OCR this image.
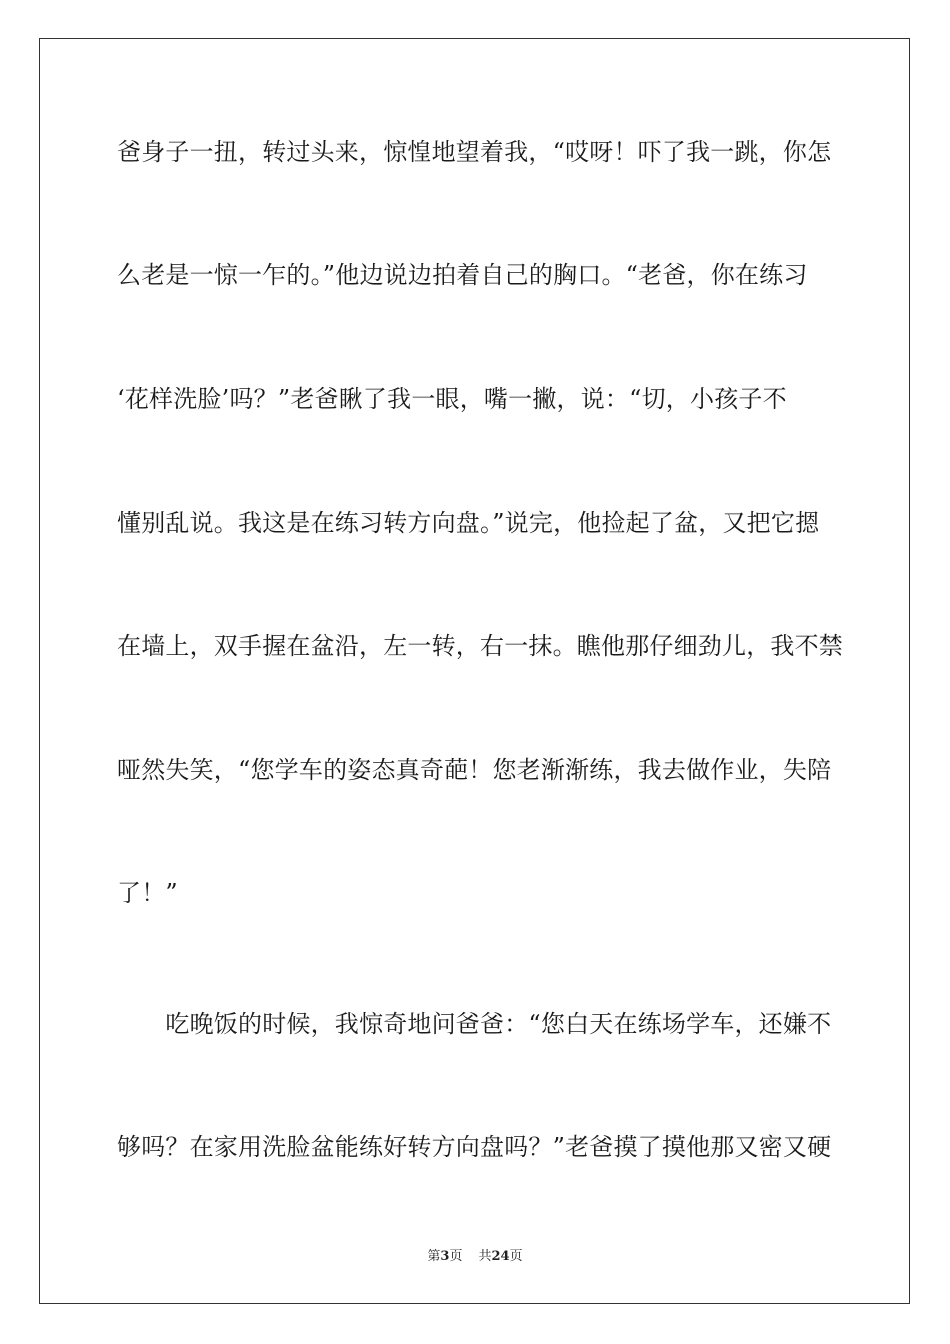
爸身子一扭，转过头来，惊惶地望着我，“哎呀！吓了我一跳，你怎
么老是一惊一乍的。”他边说边拍着自己的胸口。“老爸，你在练习
‘花样洗脸’吗？”老爸瞅了我一眼，嘴一撇，说：“切，小孩子不
懂别乱说。我这是在练习转方向盘。”说完，他捡起了盆，又把它摁
在墙上，双手握在盆沿，左一转，右一抹。瞧他那仔细劲儿，我不禁
哑然失笑，“您学车的姿态真奇葩！您老渐渐练，我去做作业，失陪
了！”
　　吃晚饭的时候，我惊奇地问爸爸：“您白天在练场学车，还嫌不
够吗？在家用洗脸盆能练好转方向盘吗？”老爸摸了摸他那又密又硬
第3页 共24页
